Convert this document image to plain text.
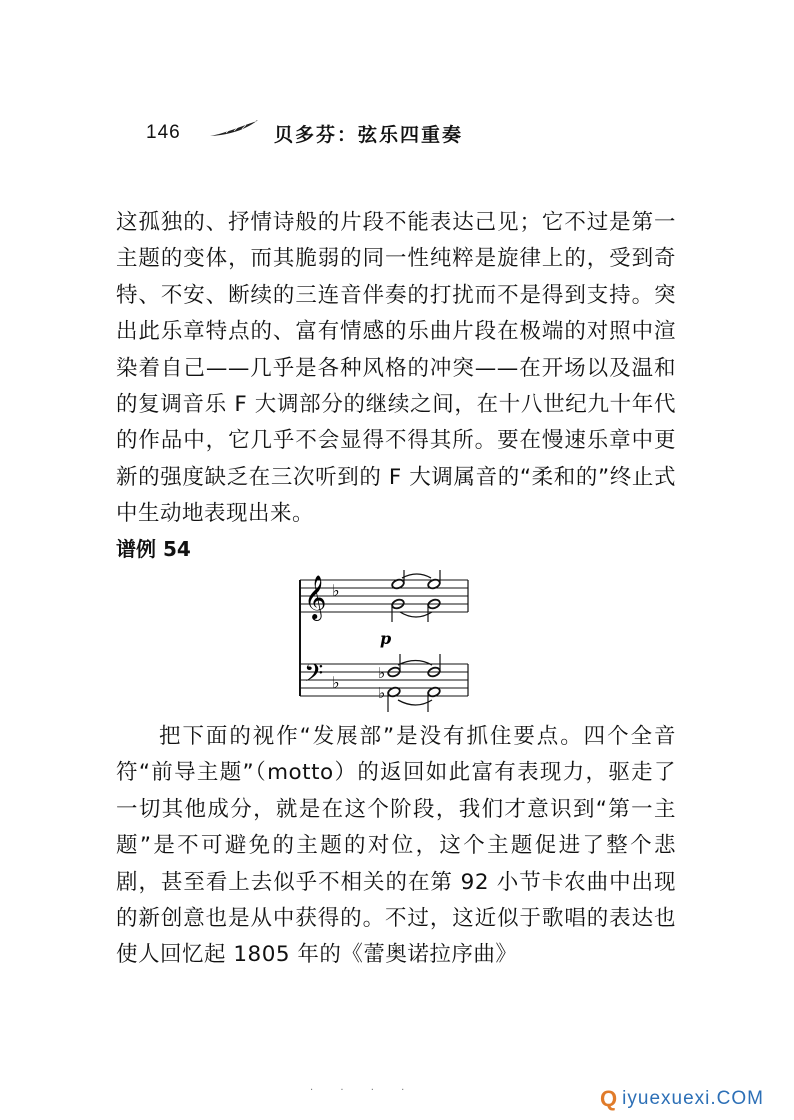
146	贝多芬：弦乐四重奏

这孤独的、抒情诗般的片段不能表达己见；它不过是第一主题的变体，而其脆弱的同一性纯粹是旋律上的，受到奇特、不安、断续的三连音伴奏的打扰而不是得到支持。突出此乐章特点的、富有情感的乐曲片段在极端的对照中渲染着自己——几乎是各种风格的冲突——在开场以及温和的复调音乐 F 大调部分的继续之间，在十八世纪九十年代的作品中，它几乎不会显得不得其所。要在慢速乐章中更新的强度缺乏在三次听到的 F 大调属音的“柔和的”终止式中生动地表现出来。

谱例 54
𝄞
𝄢
♭
♭
p
♭
♭

把下面的视作“发展部”是没有抓住要点。四个全音符“前导主题”（motto）的返回如此富有表现力，驱走了一切其他成分，就是在这个阶段，我们才意识到“第一主题”是不可避免的主题的对位，这个主题促进了整个悲剧，甚至看上去似乎不相关的在第 92 小节卡农曲中出现的新创意也是从中获得的。不过，这近似于歌唱的表达也使人回忆起 1805 年的《蕾奥诺拉序曲》

. . . .	Q iyuexuexi.COM
